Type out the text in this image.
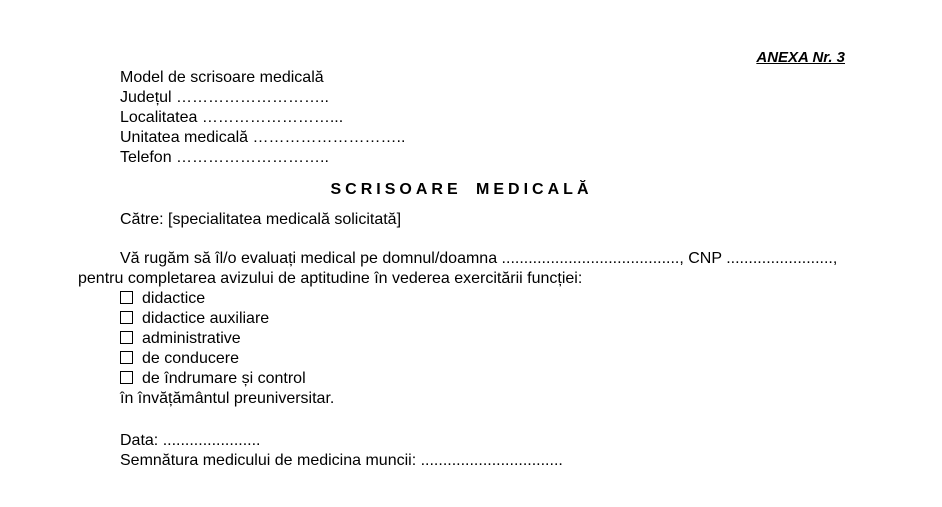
ANEXA Nr. 3
Model de scrisoare medicală
Județul ………………………..
Localitatea ……………………...
Unitatea medicală ………………………..
Telefon ………………………..
SCRISOARE MEDICALĂ
Către: [specialitatea medicală solicitată]
Vă rugăm să îl/o evaluați medical pe domnul/doamna ........................................, CNP ........................,
pentru completarea avizului de aptitudine în vederea exercitării funcției:
didactice
didactice auxiliare
administrative
de conducere
de îndrumare și control
în învățământul preuniversitar.
Data: ......................
Semnătura medicului de medicina muncii: ................................
